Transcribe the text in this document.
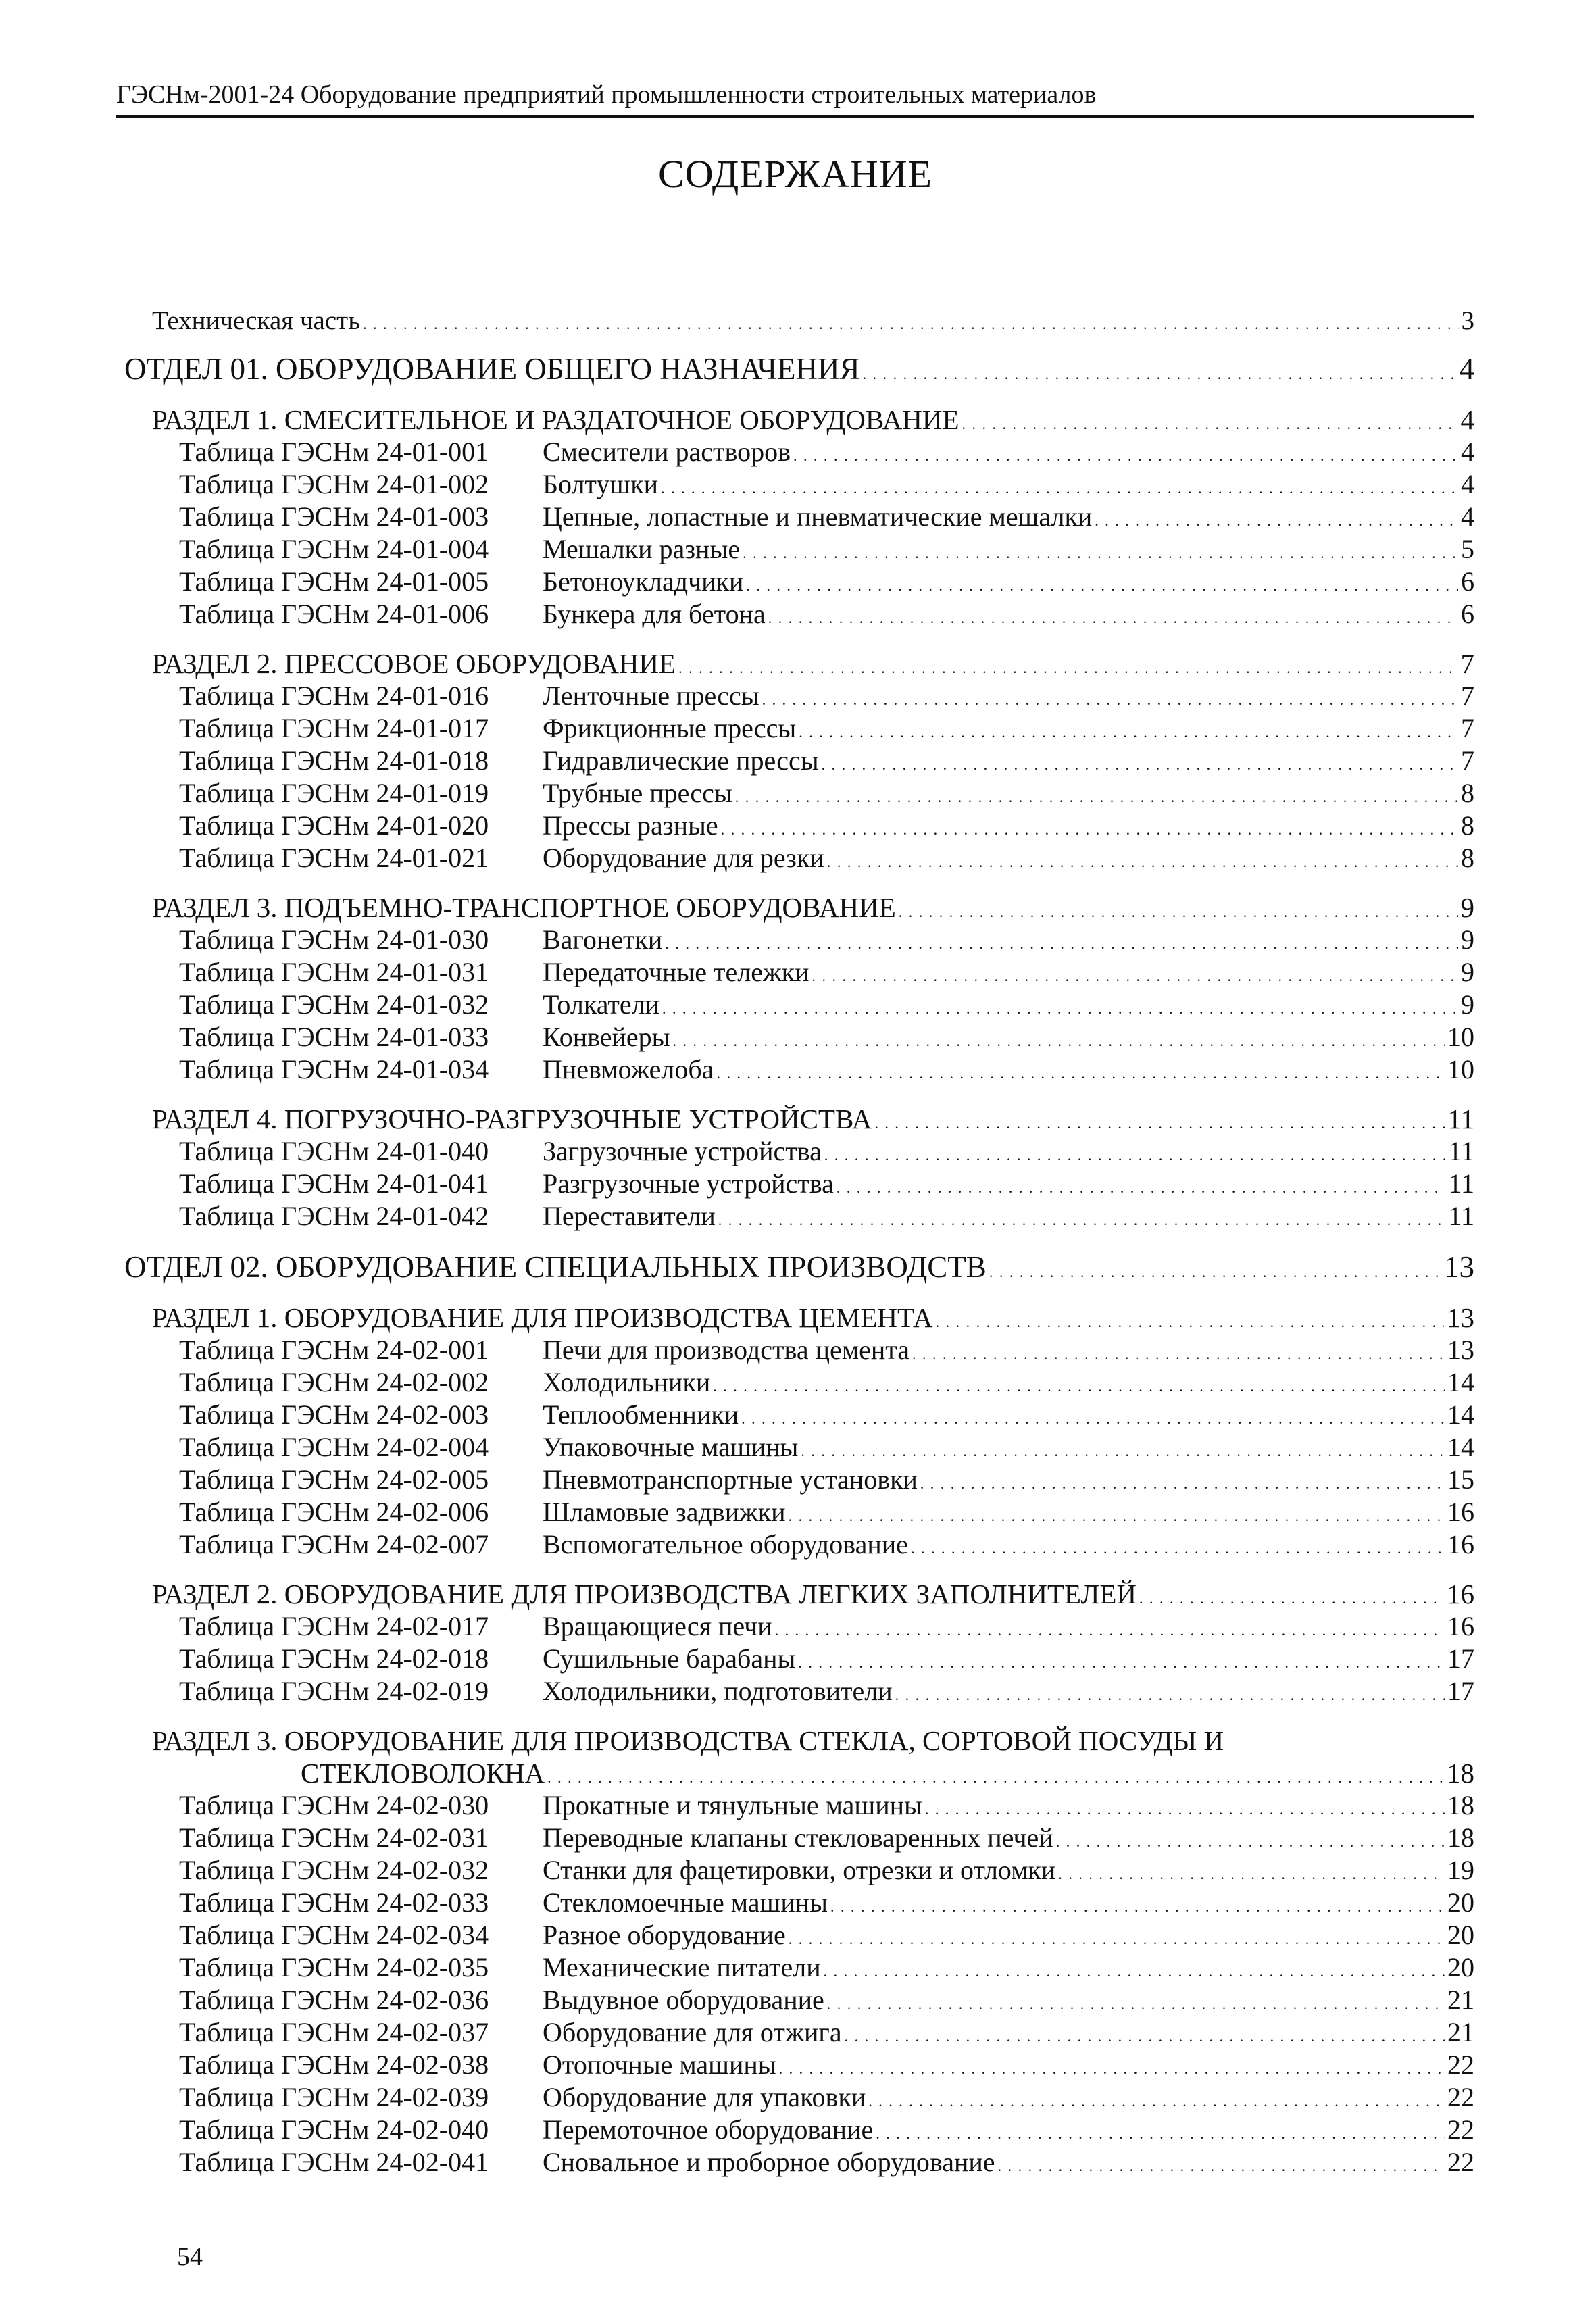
ГЭСНм-2001-24 Оборудование предприятий промышленности строительных материалов
СОДЕРЖАНИЕ
Техническая часть . . .	3
ОТДЕЛ 01. ОБОРУДОВАНИЕ ОБЩЕГО НАЗНАЧЕНИЯ . . .	4
РАЗДЕЛ 1. СМЕСИТЕЛЬНОЕ И РАЗДАТОЧНОЕ ОБОРУДОВАНИЕ . . .	4
Таблица ГЭСНм 24-01-001	Смесители растворов . . .	4
Таблица ГЭСНм 24-01-002	Болтушки . . .	4
Таблица ГЭСНм 24-01-003	Цепные, лопастные и пневматические мешалки . . .	4
Таблица ГЭСНм 24-01-004	Мешалки разные . . .	5
Таблица ГЭСНм 24-01-005	Бетоноукладчики . . .	6
Таблица ГЭСНм 24-01-006	Бункера для бетона . . .	6
РАЗДЕЛ 2. ПРЕССОВОЕ ОБОРУДОВАНИЕ . . .	7
Таблица ГЭСНм 24-01-016	Ленточные прессы . . .	7
Таблица ГЭСНм 24-01-017	Фрикционные прессы . . .	7
Таблица ГЭСНм 24-01-018	Гидравлические прессы . . .	7
Таблица ГЭСНм 24-01-019	Трубные прессы . . .	8
Таблица ГЭСНм 24-01-020	Прессы разные . . .	8
Таблица ГЭСНм 24-01-021	Оборудование для резки . . .	8
РАЗДЕЛ 3. ПОДЪЕМНО-ТРАНСПОРТНОЕ ОБОРУДОВАНИЕ . . .	9
Таблица ГЭСНм 24-01-030	Вагонетки . . .	9
Таблица ГЭСНм 24-01-031	Передаточные тележки . . .	9
Таблица ГЭСНм 24-01-032	Толкатели . . .	9
Таблица ГЭСНм 24-01-033	Конвейеры . . .	10
Таблица ГЭСНм 24-01-034	Пневможелоба . . .	10
РАЗДЕЛ 4. ПОГРУЗОЧНО-РАЗГРУЗОЧНЫЕ УСТРОЙСТВА . . .	11
Таблица ГЭСНм 24-01-040	Загрузочные устройства . . .	11
Таблица ГЭСНм 24-01-041	Разгрузочные устройства . . .	11
Таблица ГЭСНм 24-01-042	Переставители . . .	11
ОТДЕЛ 02. ОБОРУДОВАНИЕ СПЕЦИАЛЬНЫХ ПРОИЗВОДСТВ . . .	13
РАЗДЕЛ 1. ОБОРУДОВАНИЕ ДЛЯ ПРОИЗВОДСТВА ЦЕМЕНТА . . .	13
Таблица ГЭСНм 24-02-001	Печи для производства цемента . . .	13
Таблица ГЭСНм 24-02-002	Холодильники . . .	14
Таблица ГЭСНм 24-02-003	Теплообменники . . .	14
Таблица ГЭСНм 24-02-004	Упаковочные машины . . .	14
Таблица ГЭСНм 24-02-005	Пневмотранспортные установки . . .	15
Таблица ГЭСНм 24-02-006	Шламовые задвижки . . .	16
Таблица ГЭСНм 24-02-007	Вспомогательное оборудование . . .	16
РАЗДЕЛ 2. ОБОРУДОВАНИЕ ДЛЯ ПРОИЗВОДСТВА ЛЕГКИХ ЗАПОЛНИТЕЛЕЙ . . .	16
Таблица ГЭСНм 24-02-017	Вращающиеся печи . . .	16
Таблица ГЭСНм 24-02-018	Сушильные барабаны . . .	17
Таблица ГЭСНм 24-02-019	Холодильники, подготовители . . .	17
РАЗДЕЛ 3. ОБОРУДОВАНИЕ ДЛЯ ПРОИЗВОДСТВА СТЕКЛА, СОРТОВОЙ ПОСУДЫ И
СТЕКЛОВОЛОКНА . . .	18
Таблица ГЭСНм 24-02-030	Прокатные и тянульные машины . . .	18
Таблица ГЭСНм 24-02-031	Переводные клапаны стекловаренных печей . . .	18
Таблица ГЭСНм 24-02-032	Станки для фацетировки, отрезки и отломки . . .	19
Таблица ГЭСНм 24-02-033	Стекломоечные машины . . .	20
Таблица ГЭСНм 24-02-034	Разное оборудование . . .	20
Таблица ГЭСНм 24-02-035	Механические питатели . . .	20
Таблица ГЭСНм 24-02-036	Выдувное оборудование . . .	21
Таблица ГЭСНм 24-02-037	Оборудование для отжига . . .	21
Таблица ГЭСНм 24-02-038	Отопочные машины . . .	22
Таблица ГЭСНм 24-02-039	Оборудование для упаковки . . .	22
Таблица ГЭСНм 24-02-040	Перемоточное оборудование . . .	22
Таблица ГЭСНм 24-02-041	Сновальное и проборное оборудование . . .	22
54
